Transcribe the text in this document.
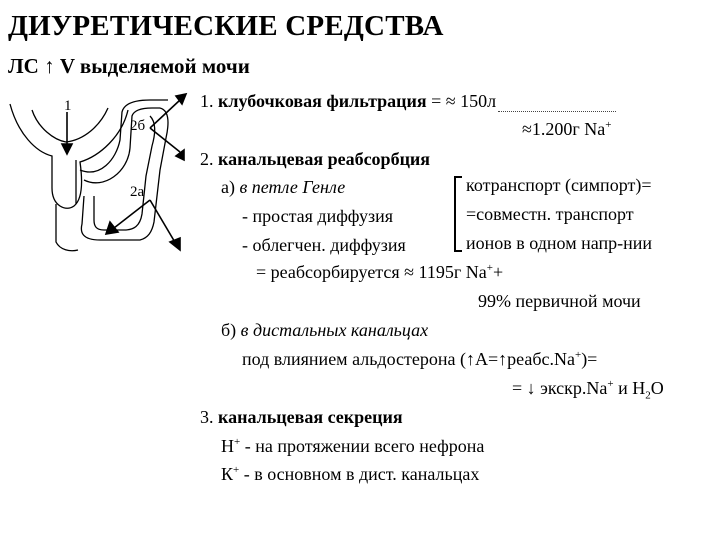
ДИУРЕТИЧЕСКИЕ СРЕДСТВА
ЛС ↑ V выделяемой мочи
1
2б
2а
1. клубочковая фильтрация = ≈ 150л
≈1.200г Na+
2. канальцевая реабсорбция
а) в петле Генле
- простая диффузия
- облегчен. диффузия
котранспорт (симпорт)=
=совместн. транспорт
ионов в одном напр-нии
= реабсорбируется ≈ 1195г Na++
99% первичной мочи
б) в дистальных канальцах
под влиянием альдостерона (↑А=↑реабс.Na+)=
= ↓ экскр.Na+ и $Н_2О$
3. канальцевая секреция
Н+ - на протяжении всего нефрона
К+ - в основном в дист. канальцах
